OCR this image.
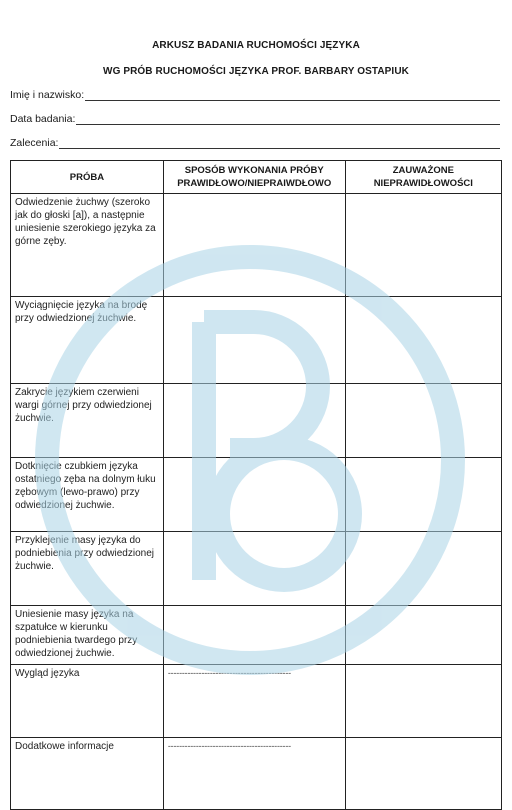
ARKUSZ BADANIA RUCHOMOŚCI JĘZYKA
WG PRÓB RUCHOMOŚCI JĘZYKA PROF. BARBARY OSTAPIUK
Imię i nazwisko:
Data badania:
Zalecenia:
PRÓBA	SPOSÓB WYKONANIA PRÓBY PRAWIDŁOWO/NIEPRAIWDŁOWO	ZAUWAŻONE NIEPRAWIDŁOWOŚCI
Odwiedzenie żuchwy (szeroko jak do głoski [a]), a następnie uniesienie szerokiego języka za górne zęby.		
Wyciągnięcie języka na brodę przy odwiedzionej żuchwie.		
Zakrycie językiem czerwieni wargi górnej przy odwiedzionej żuchwie.		
Dotknięcie czubkiem języka ostatniego zęba na dolnym łuku zębowym (lewo-prawo) przy odwiedzionej żuchwie.		
Przyklejenie masy języka do podniebienia przy odwiedzionej żuchwie.		
Uniesienie masy języka na szpatułce w kierunku podniebienia twardego przy odwiedzionej żuchwie.		
Wygląd języka	--------------------------------------------	
Dodatkowe informacje	--------------------------------------------	
